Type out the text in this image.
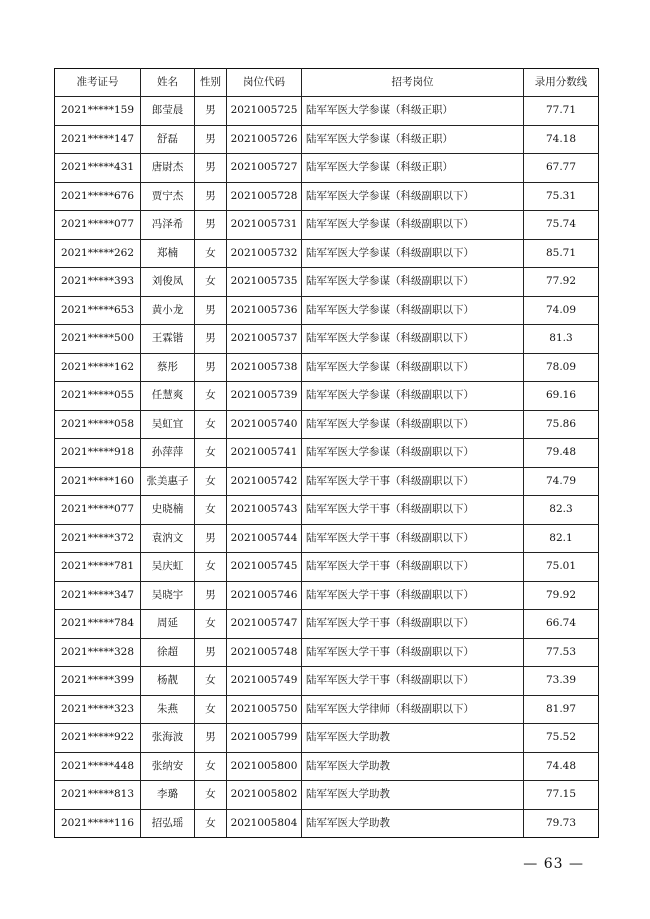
准考证号	姓名	性别	岗位代码	招考岗位	录用分数线
2021*****159	郎莹晨	男	2021005725	陆军军医大学参谋（科级正职）	77.71
2021*****147	舒磊	男	2021005726	陆军军医大学参谋（科级正职）	74.18
2021*****431	唐尉杰	男	2021005727	陆军军医大学参谋（科级正职）	67.77
2021*****676	贾宁杰	男	2021005728	陆军军医大学参谋（科级副职以下）	75.31
2021*****077	冯泽希	男	2021005731	陆军军医大学参谋（科级副职以下）	75.74
2021*****262	郑楠	女	2021005732	陆军军医大学参谋（科级副职以下）	85.71
2021*****393	刘俊凤	女	2021005735	陆军军医大学参谋（科级副职以下）	77.92
2021*****653	黄小龙	男	2021005736	陆军军医大学参谋（科级副职以下）	74.09
2021*****500	王霖锴	男	2021005737	陆军军医大学参谋（科级副职以下）	81.3
2021*****162	蔡彤	男	2021005738	陆军军医大学参谋（科级副职以下）	78.09
2021*****055	任慧爽	女	2021005739	陆军军医大学参谋（科级副职以下）	69.16
2021*****058	吴虹宜	女	2021005740	陆军军医大学参谋（科级副职以下）	75.86
2021*****918	孙萍萍	女	2021005741	陆军军医大学参谋（科级副职以下）	79.48
2021*****160	张美惠子	女	2021005742	陆军军医大学干事（科级副职以下）	74.79
2021*****077	史晓楠	女	2021005743	陆军军医大学干事（科级副职以下）	82.3
2021*****372	袁汭文	男	2021005744	陆军军医大学干事（科级副职以下）	82.1
2021*****781	吴庆虹	女	2021005745	陆军军医大学干事（科级副职以下）	75.01
2021*****347	吴晓宇	男	2021005746	陆军军医大学干事（科级副职以下）	79.92
2021*****784	周延	女	2021005747	陆军军医大学干事（科级副职以下）	66.74
2021*****328	徐超	男	2021005748	陆军军医大学干事（科级副职以下）	77.53
2021*****399	杨靓	女	2021005749	陆军军医大学干事（科级副职以下）	73.39
2021*****323	朱燕	女	2021005750	陆军军医大学律师（科级副职以下）	81.97
2021*****922	张海波	男	2021005799	陆军军医大学助教	75.52
2021*****448	张纳安	女	2021005800	陆军军医大学助教	74.48
2021*****813	李璐	女	2021005802	陆军军医大学助教	77.15
2021*****116	招弘瑶	女	2021005804	陆军军医大学助教	79.73
— 63 —
